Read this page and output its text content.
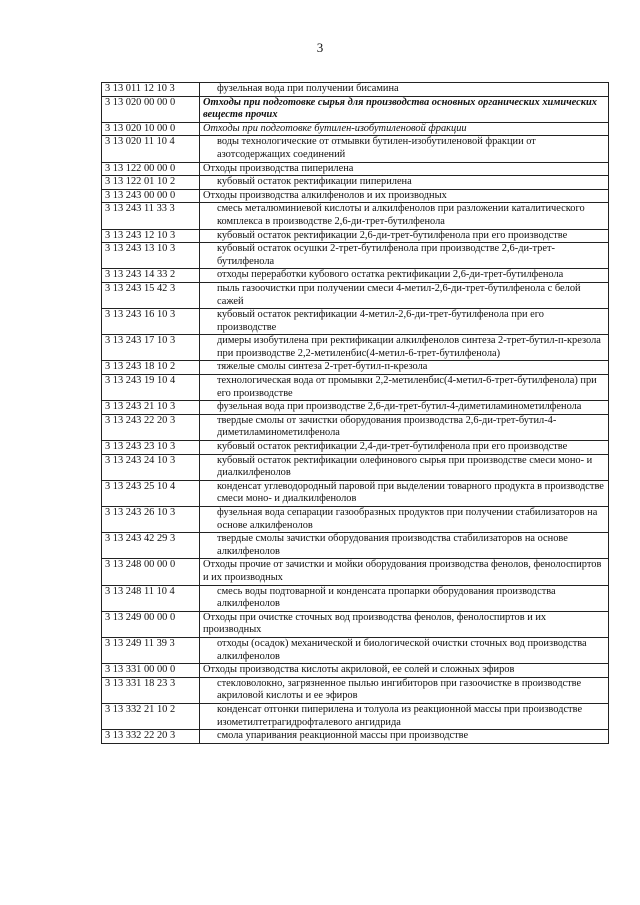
3
3 13 011 12 10 3	фузельная вода при получении бисамина

3 13 020 00 00 0	Отходы при подготовке сырья для производства основных органических химических веществ прочих
3 13 020 10 00 0	Отходы при подготовке бутилен-изобутиленовой фракции
3 13 020 11 10 4	воды технологические от отмывки бутилен-изобутиленовой фракции от азотсодержащих соединений

3 13 122 00 00 0	Отходы производства пиперилена
3 13 122 01 10 2	кубовый остаток ректификации пиперилена

3 13 243 00 00 0	Отходы производства алкилфенолов и их производных
3 13 243 11 33 3	смесь металюминиевой кислоты и алкилфенолов при разложении каталитического комплекса в производстве 2,6-ди-трет-бутилфенола

3 13 243 12 10 3	кубовый остаток ректификации 2,6-ди-трет-бутилфенола при его производстве

3 13 243 13 10 3	кубовый остаток осушки 2-трет-бутилфенола при производстве 2,6-ди-трет-бутилфенола

3 13 243 14 33 2	отходы переработки кубового остатка ректификации 2,6-ди-трет-бутилфенола

3 13 243 15 42 3	пыль газоочистки при получении смеси 4-метил-2,6-ди-трет-бутилфенола с белой сажей

3 13 243 16 10 3	кубовый остаток ректификации 4-метил-2,6-ди-трет-бутилфенола при его производстве

3 13 243 17 10 3	димеры изобутилена при ректификации алкилфенолов синтеза 2-трет-бутил-п-крезола при производстве 2,2-метиленбис(4-метил-6-трет-бутилфенола)

3 13 243 18 10 2	тяжелые смолы синтеза 2-трет-бутил-п-крезола

3 13 243 19 10 4	технологическая вода от промывки 2,2-метиленбис(4-метил-6-трет-бутилфенола) при его производстве

3 13 243 21 10 3	фузельная вода при производстве 2,6-ди-трет-бутил-4-диметиламинометилфенола

3 13 243 22 20 3	твердые смолы от зачистки оборудования производства 2,6-ди-трет-бутил-4-диметиламинометилфенола

3 13 243 23 10 3	кубовый остаток ректификации 2,4-ди-трет-бутилфенола при его производстве

3 13 243 24 10 3	кубовый остаток ректификации олефинового сырья при производстве смеси моно- и диалкилфенолов

3 13 243 25 10 4	конденсат углеводородный паровой при выделении товарного продукта в производстве смеси моно- и диалкилфенолов

3 13 243 26 10 3	фузельная вода сепарации газообразных продуктов при получении стабилизаторов на основе алкилфенолов

3 13 243 42 29 3	твердые смолы зачистки оборудования производства стабилизаторов на основе алкилфенолов

3 13 248 00 00 0	Отходы прочие от зачистки и мойки оборудования производства фенолов, фенолоспиртов и их производных
3 13 248 11 10 4	смесь воды подтоварной и конденсата пропарки оборудования производства алкилфенолов

3 13 249 00 00 0	Отходы при очистке сточных вод производства фенолов, фенолоспиртов и их производных
3 13 249 11 39 3	отходы (осадок) механической и биологической очистки сточных вод производства алкилфенолов

3 13 331 00 00 0	Отходы производства кислоты акриловой, ее солей и сложных эфиров
3 13 331 18 23 3	стекловолокно, загрязненное пылью ингибиторов при газоочистке в производстве акриловой кислоты и ее эфиров

3 13 332 21 10 2	конденсат отгонки пиперилена и толуола из реакционной массы при производстве изометилтетрагидрофталевого ангидрида

3 13 332 22 20 3	смола упаривания реакционной массы при производстве
